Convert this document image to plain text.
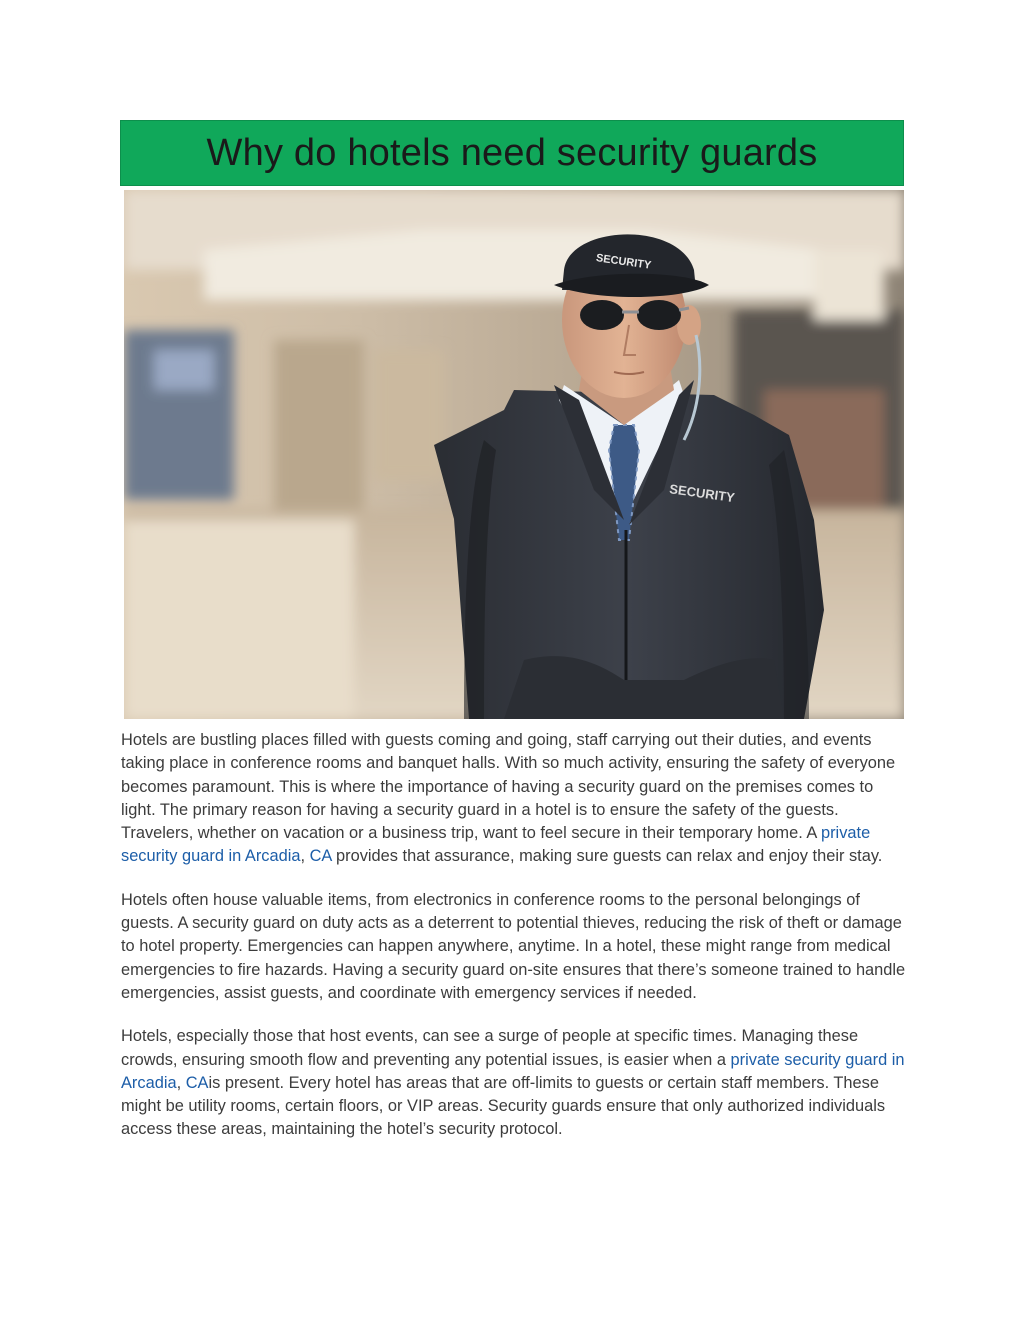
Why do hotels need security guards
SECURITY
SECURITY

Hotels are bustling places filled with guests coming and going, staff carrying out their duties, and events taking place in conference rooms and banquet halls. With so much activity, ensuring the safety of everyone becomes paramount. This is where the importance of having a security guard on the premises comes to light. The primary reason for having a security guard in a hotel is to ensure the safety of the guests. Travelers, whether on vacation or a business trip, want to feel secure in their temporary home. A private security guard in Arcadia, CA provides that assurance, making sure guests can relax and enjoy their stay.

Hotels often house valuable items, from electronics in conference rooms to the personal belongings of guests. A security guard on duty acts as a deterrent to potential thieves, reducing the risk of theft or damage to hotel property. Emergencies can happen anywhere, anytime. In a hotel, these might range from medical emergencies to fire hazards. Having a security guard on-site ensures that there’s someone trained to handle emergencies, assist guests, and coordinate with emergency services if needed.

Hotels, especially those that host events, can see a surge of people at specific times. Managing these crowds, ensuring smooth flow and preventing any potential issues, is easier when a private security guard in Arcadia, CAis present. Every hotel has areas that are off-limits to guests or certain staff members. These might be utility rooms, certain floors, or VIP areas. Security guards ensure that only authorized individuals access these areas, maintaining the hotel’s security protocol.
